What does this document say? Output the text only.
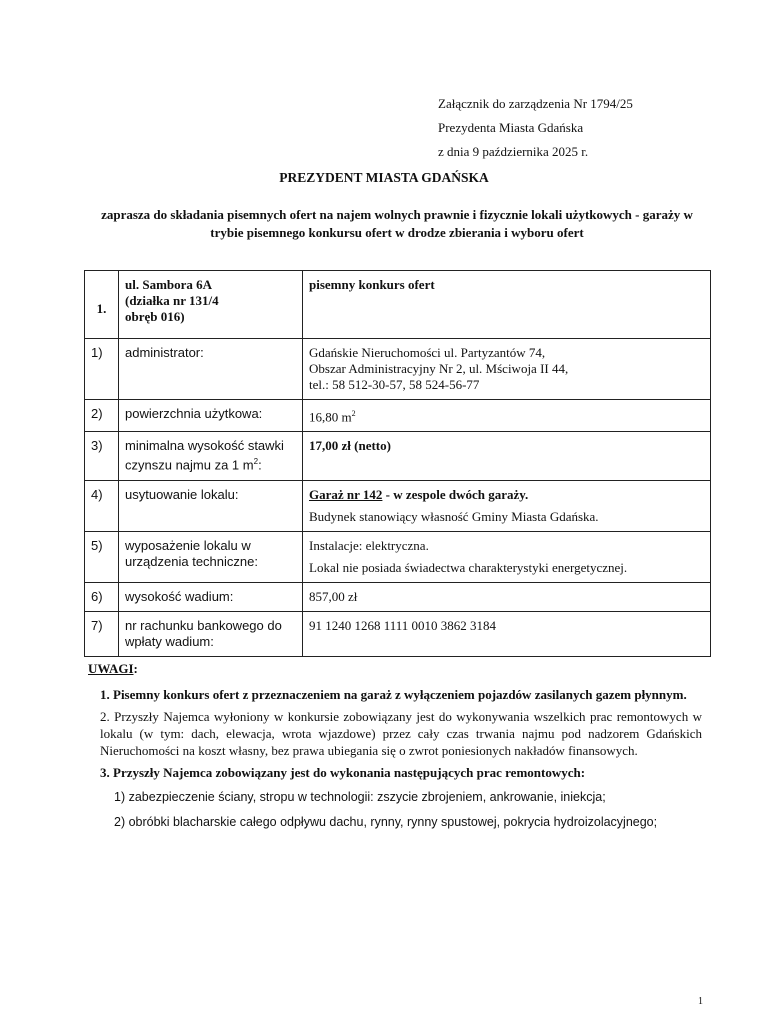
Załącznik do zarządzenia Nr 1794/25
Prezydenta Miasta Gdańska
z dnia 9 października 2025 r.
PREZYDENT MIASTA GDAŃSKA
zaprasza do składania pisemnych ofert na najem wolnych prawnie i fizycznie lokali użytkowych - garaży w trybie pisemnego konkursu ofert w drodze zbierania i wyboru ofert
1.	ul. Sambora 6A
(działka nr 131/4
obręb 016)	pisemny konkurs ofert
1)	administrator:	Gdańskie Nieruchomości ul. Partyzantów 74,
Obszar Administracyjny Nr 2, ul. Mściwoja II 44,
tel.: 58 512-30-57, 58 524-56-77

2)	powierzchnia użytkowa:	16,80 $m^2$
3)	minimalna wysokość stawki czynszu najmu za 1 $m^2$:	17,00 zł (netto)
4)	usytuowanie lokalu:	Garaż nr 142 - w zespole dwóch garaży.
Budynek stanowiący własność Gminy Miasta Gdańska.

5)	wyposażenie lokalu w urządzenia techniczne:	Instalacje: elektryczna.
Lokal nie posiada świadectwa charakterystyki energetycznej.

6)	wysokość wadium:	857,00 zł
7)	nr rachunku bankowego do wpłaty wadium:	91 1240 1268 1111 0010 3862 3184
UWAGI:

1. Pisemny konkurs ofert z przeznaczeniem na garaż z wyłączeniem pojazdów zasilanych gazem płynnym.

2. Przyszły Najemca wyłoniony w konkursie zobowiązany jest do wykonywania wszelkich prac remontowych w lokalu (w tym: dach, elewacja, wrota wjazdowe) przez cały czas trwania najmu pod nadzorem Gdańskich Nieruchomości na koszt własny, bez prawa ubiegania się o zwrot poniesionych nakładów finansowych.

3. Przyszły Najemca zobowiązany jest do wykonania następujących prac remontowych:

1) zabezpieczenie ściany, stropu w technologii: zszycie zbrojeniem, ankrowanie, iniekcja;
2) obróbki blacharskie całego odpływu dachu, rynny, rynny spustowej, pokrycia hydroizolacyjnego;
1
